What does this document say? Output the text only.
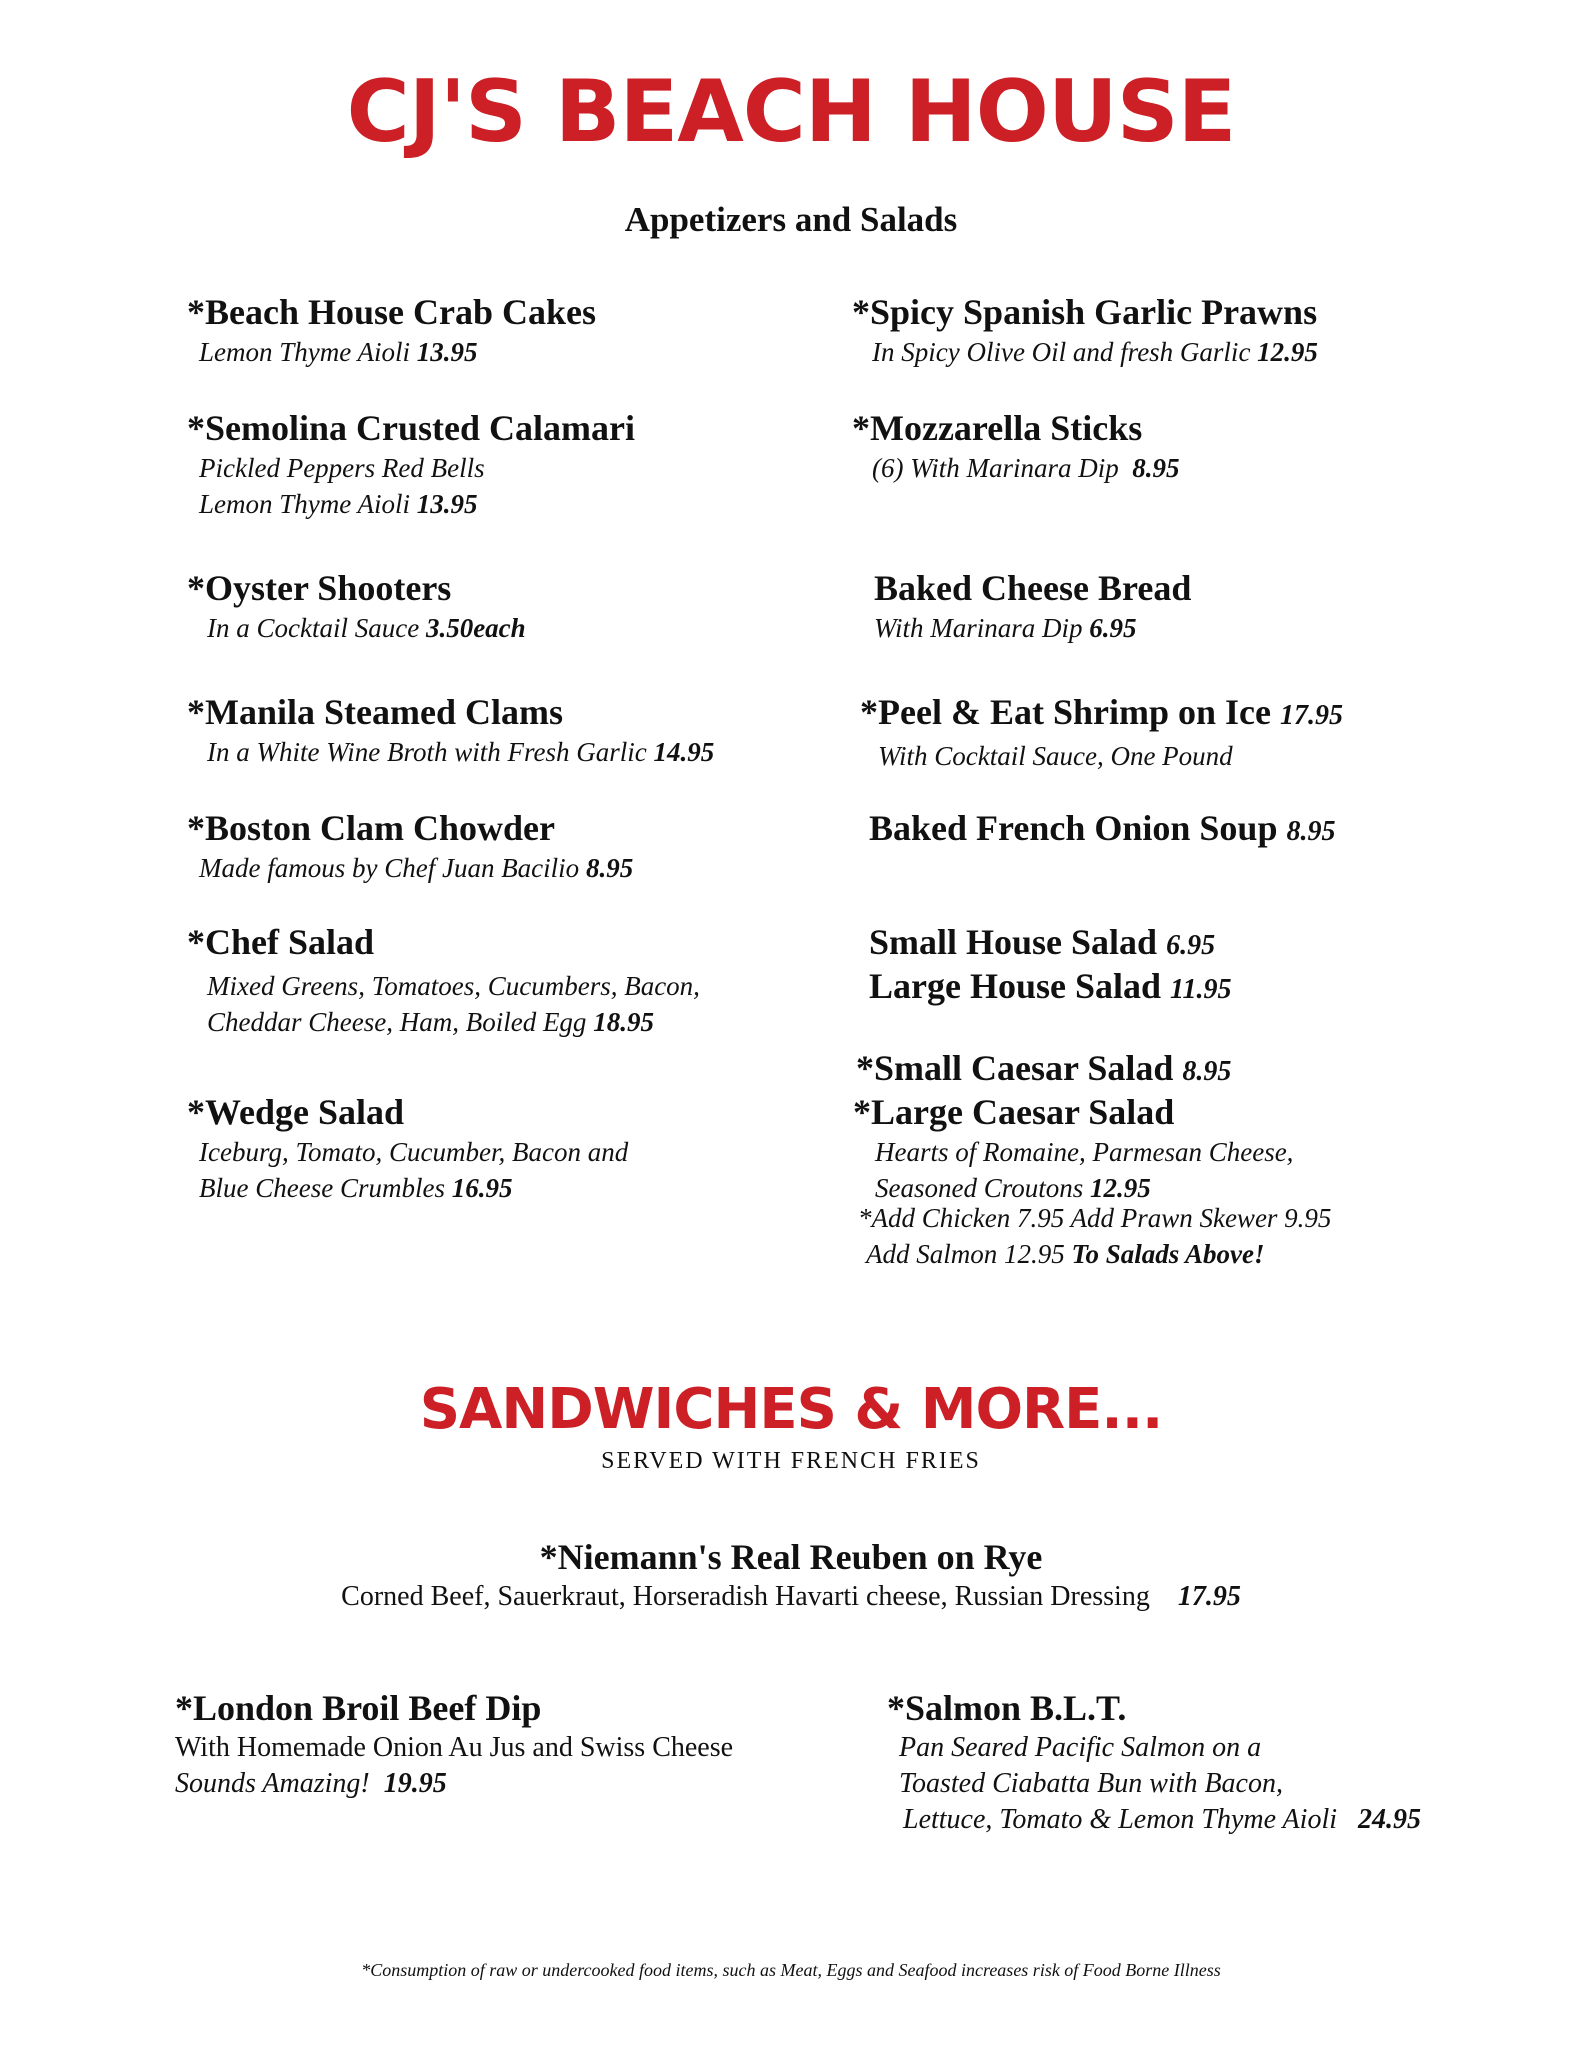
CJ'S BEACH HOUSE
Appetizers and Salads
*Beach House Crab Cakes
Lemon Thyme Aioli 13.95
*Semolina Crusted Calamari
Pickled Peppers Red Bells
Lemon Thyme Aioli 13.95
*Oyster Shooters
In a Cocktail Sauce 3.50each
*Manila Steamed Clams
In a White Wine Broth with Fresh Garlic 14.95
*Boston Clam Chowder
Made famous by Chef Juan Bacilio 8.95
*Chef Salad
Mixed Greens, Tomatoes, Cucumbers, Bacon,
Cheddar Cheese, Ham, Boiled Egg 18.95
*Wedge Salad
Iceburg, Tomato, Cucumber, Bacon and
Blue Cheese Crumbles 16.95
*Spicy Spanish Garlic Prawns
In Spicy Olive Oil and fresh Garlic 12.95
*Mozzarella Sticks
(6) With Marinara Dip 8.95
Baked Cheese Bread
With Marinara Dip 6.95
*Peel & Eat Shrimp on Ice 17.95
With Cocktail Sauce, One Pound
Baked French Onion Soup 8.95
Small House Salad 6.95
Large House Salad 11.95
*Small Caesar Salad 8.95
*Large Caesar Salad
Hearts of Romaine, Parmesan Cheese,
Seasoned Croutons 12.95
*Add Chicken 7.95 Add Prawn Skewer 9.95
Add Salmon 12.95 To Salads Above!
SANDWICHES & MORE...
SERVED WITH FRENCH FRIES
*Niemann's Real Reuben on Rye
Corned Beef, Sauerkraut, Horseradish Havarti cheese, Russian Dressing 17.95
*London Broil Beef Dip
With Homemade Onion Au Jus and Swiss Cheese
Sounds Amazing! 19.95
*Salmon B.L.T.
Pan Seared Pacific Salmon on a
Toasted Ciabatta Bun with Bacon,
Lettuce, Tomato & Lemon Thyme Aioli 24.95
*Consumption of raw or undercooked food items, such as Meat, Eggs and Seafood increases risk of Food Borne Illness
